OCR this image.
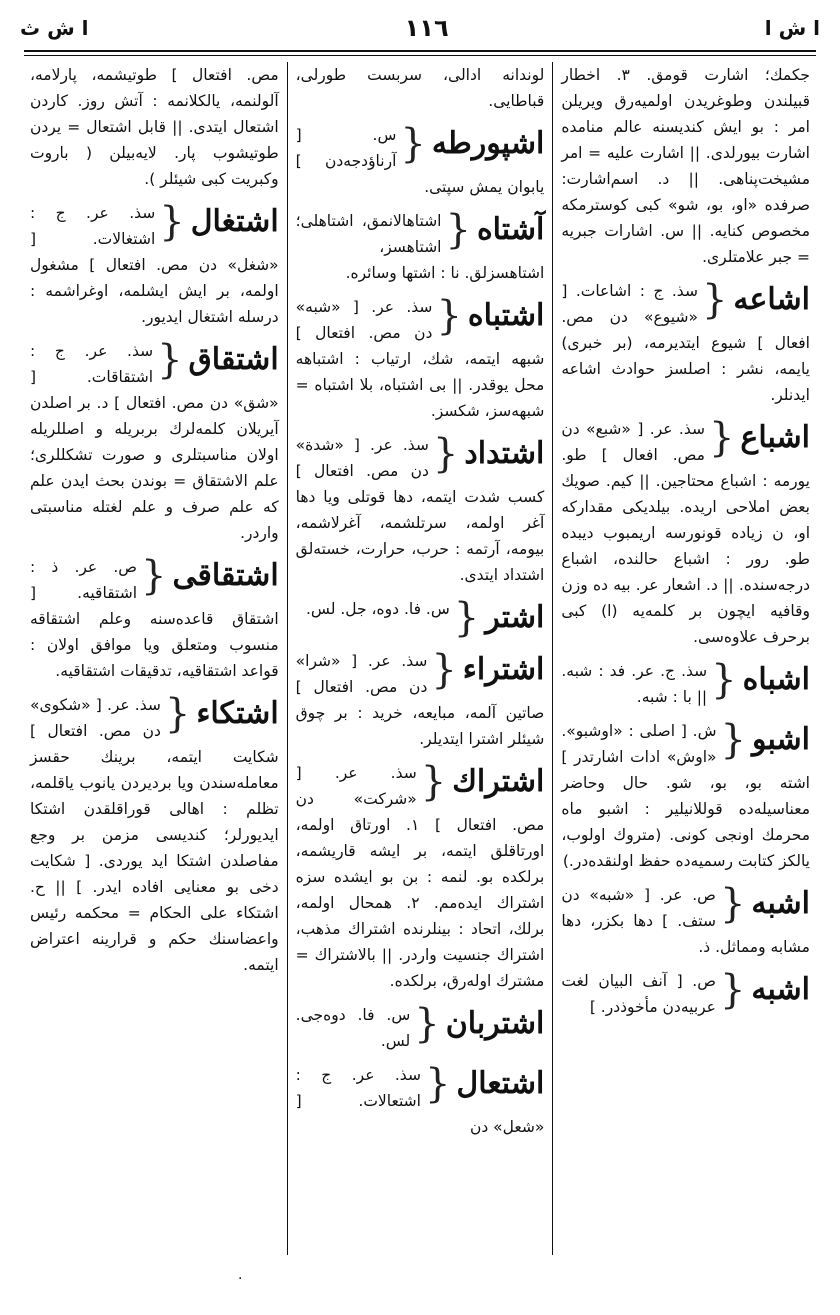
ا ش ا
١١٦
ا ش ث
جكمك؛ اشارت قومق. ٣. اخطار قبيلندن وطوغريدن اولميه‌رق ويريلن امر : بو ايش كنديسنه عالم منامده اشارت بيورلدى. || اشارت عليه = امر مشيخت‌پناهى. || د. اسم‌اشارت: صرفده «او، بو، شو» كبى كوسترمكه مخصوص كنايه. || س. اشارات جبريه = جبر علامتلرى.
اشاعه
{
سذ. ج : اشاعات. [ «شيوع» دن مص. افعال ] شيوع ايتديرمه، (بر خبرى) يايمه، نشر : اصلسز حوادث اشاعه ايدنلر.
اشباع
{
سذ. عر. [ «شبع» دن مص. افعال ] طو. يورمه : اشباع محتاجين. || كيم. صويك بعض املاحى اريده. بيلديكى مقداركه او، ن زياده قونورسه اريمبوب ديبده طو. رور : اشباع حالنده، اشباع درجه‌سنده. || د. اشعار عر. بيه ده وزن وقافيه ايچون بر كلمه‌يه (ا) كبى برحرف علاوه‌سى.
اشباه
{
سذ. ج. عر. فد : شبه. || با : شبه.
اشبو
{
ش. [ اصلى : «اوشبو». «اوش» ادات اشارتدر ] اشته بو، بو، شو. حال وحاضر معناسيله‌ده قوللانيلير : اشبو ماه محرمك اونجى كونى. (متروك اولوب، يالكز كتابت رسميه‌ده حفظ اولنقده‌در.)
اشبه
{
ص. عر. [ «شبه» دن ستف. ] دها بكزر، دها مشابه ومماثل. ذ.
اشبه
{
ص. [ آنف البيان لغت عربيه‌دن مأخوذدر. ]
لوندانه ادالى، سربست طورلى، قباطايى.
اشپورطه
{
س. [ آرناؤدجه‌دن ] يابوان يمش سپتى.
آشتاه
{
اشتاهالانمق، اشتاهلى؛ اشتاهسز، اشتاهسزلق. نا : اشتها وسائره.
اشتباه
{
سذ. عر. [ «شبه» دن مص. افتعال ] شبهه ايتمه، شك، ارتياب : اشتباهه محل يوقدر. || بى اشتباه، بلا اشتباه = شبهه‌سز، شكسز.
اشتداد
{
سذ. عر. [ «شدة» دن مص. افتعال ] كسب شدت ايتمه، دها قوتلى ويا دها آغر اولمه، سرتلشمه، آغرلاشمه، بيومه، آرتمه : حرب، حرارت، خسته‌لق اشتداد ايتدى.
اشتر
{
س. فا. دوه، جل. لس.
اشتراء
{
سذ. عر. [ «شرا» دن مص. افتعال ] صاتين آلمه، مبايعه، خريد : بر چوق شيئلر اشترا ايتديلر.
اشتراك
{
سذ. عر. [ «شركت» دن مص. افتعال ] ١. اورتاق اولمه، اورتاقلق ايتمه، بر ايشه قاريشمه، برلكده بو. لنمه : بن بو ايشده سزه اشتراك ايده‌مم. ٢. همحال اولمه، برلك، اتحاد : بينلرنده اشتراك مذهب، اشتراك جنسيت واردر. || بالاشتراك = مشترك اوله‌رق، برلكده.
اشتربان
{
س. فا. دوه‌جى. لس.
اشتعال
{
سذ. عر. ج : اشتعالات. [ «شعل» دن
مص. افتعال ] طوتيشمه، پارلامه، آلولنمه، يالكلانمه : آتش روز. كاردن اشتعال ايتدى. || قابل اشتعال = يردن طوتيشوب پار. لايه‌بيلن ( باروت وكبريت كبى شيئلر ).
اشتغال
{
سذ. عر. ج : اشتغالات. [ «شغل» دن مص. افتعال ] مشغول اولمه، بر ايش ايشلمه، اوغراشمه : درسله اشتغال ايديور.
اشتقاق
{
سذ. عر. ج : اشتقاقات. [ «شق» دن مص. افتعال ] د. بر اصلدن آيريلان كلمه‌لرك بربريله و اصللريله اولان مناسبتلرى و صورت تشكللرى؛ علم الاشتقاق = بوندن بحث ايدن علم كه علم صرف و علم لغتله مناسبتى واردر.
اشتقاقى
{
ص. عر. ذ : اشتقاقيه. [ اشتقاق قاعده‌سنه وعلم اشتقاقه منسوب ومتعلق ويا موافق اولان : قواعد اشتقاقيه، تدقيقات اشتقاقيه.
اشتكاء
{
سذ. عر. [ «شكوى» دن مص. افتعال ] شكايت ايتمه، برينك حقسز معامله‌سندن ويا برديردن يانوب ياقلمه، تظلم : اهالى قوراقلقدن اشتكا ايديورلر؛ كنديسى مزمن بر وجع مفاصلدن اشتكا ايد يوردى. [ شكايت دخى بو معنايى افاده ايدر. ] || ح. اشتكاء على الحكام = محكمه رئيس واعضاسنك حكم و قرارينه اعتراض ايتمه.
·
